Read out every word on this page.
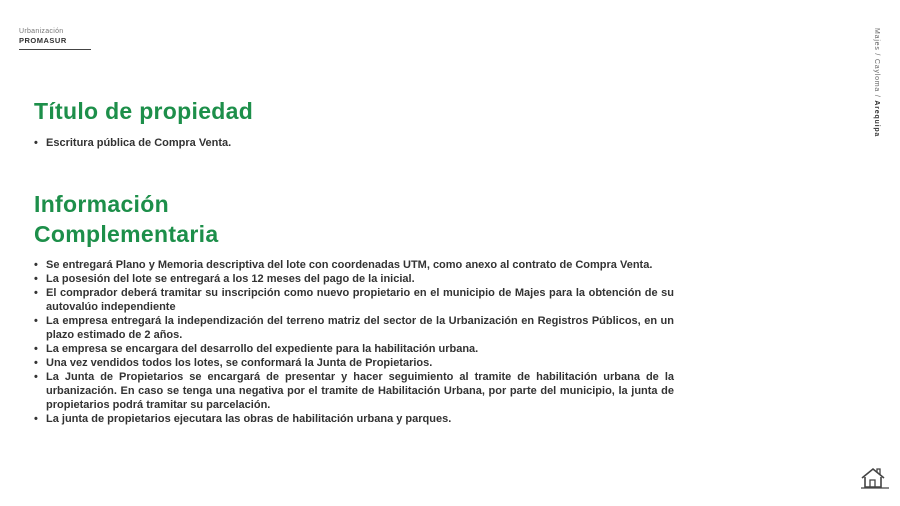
Urbanización
PROMASUR	Majes / Cayloma / Arequipa
Título de propiedad
• Escritura pública de Compra Venta.
Información Complementaria
• Se entregará Plano y Memoria descriptiva del lote con coordenadas UTM, como anexo al contrato de Compra Venta.
• La posesión del lote se entregará a los 12 meses del pago de la inicial.
• El comprador deberá tramitar su inscripción como nuevo propietario en el municipio de Majes para la obtención de su autovalúo independiente
• La empresa entregará la independización del terreno matriz del sector de la Urbanización en Registros Públicos, en un plazo estimado de 2 años.
• La empresa se encargara del desarrollo del expediente para la habilitación urbana.
• Una vez vendidos todos los lotes, se conformará la Junta de Propietarios.
• La Junta de Propietarios se encargará de presentar y hacer seguimiento al tramite de habilitación urbana de la urbanización. En caso se tenga una negativa por el tramite de Habilitación Urbana, por parte del municipio, la junta de propietarios podrá tramitar su parcelación.
• La junta de propietarios ejecutara las obras de habilitación urbana y parques.
